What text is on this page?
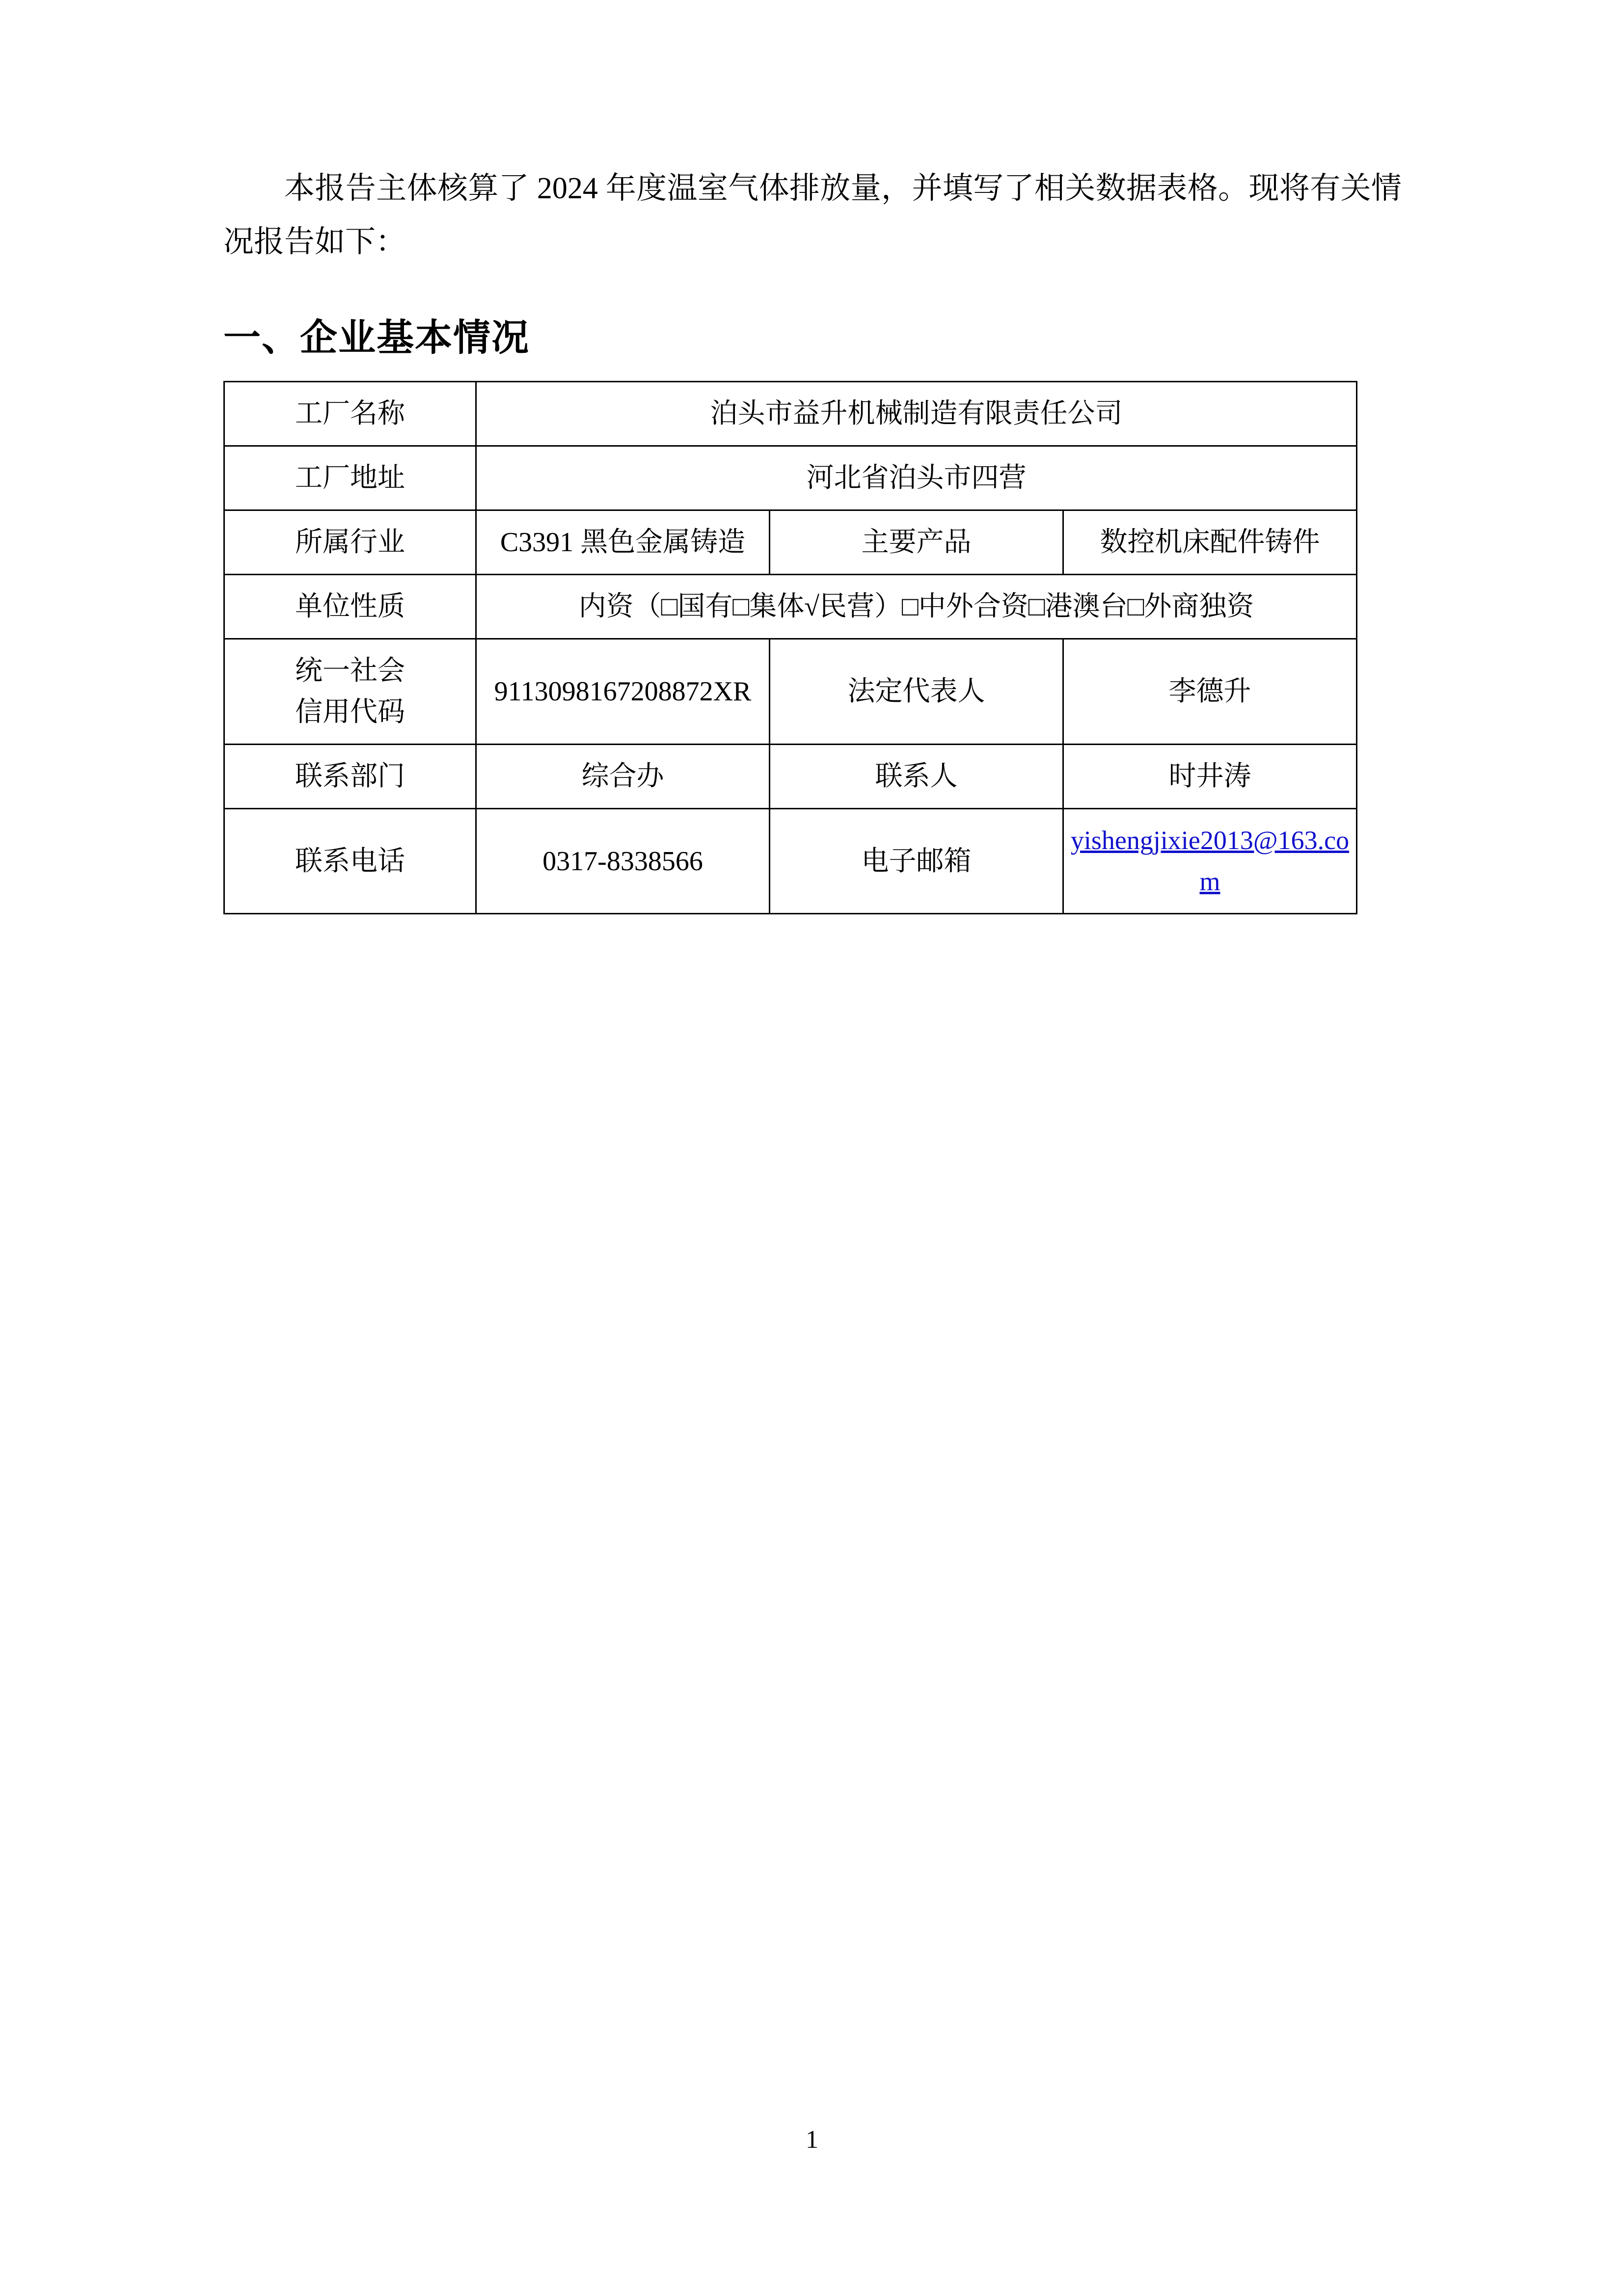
本报告主体核算了 2024 年度温室气体排放量，并填写了相关数据表格。现将有关情况报告如下：

一、企业基本情况
工厂名称	泊头市益升机械制造有限责任公司		
工厂地址	河北省泊头市四营		
所属行业	C3391 黑色金属铸造	主要产品	数控机床配件铸件
单位性质	内资（□国有□集体√民营）□中外合资□港澳台□外商独资		
统一社会
信用代码	9113098167208872XR	法定代表人	李德升
联系部门	综合办	联系人	时井涛
联系电话	0317-8338566	电子邮箱	yishengjixie2013@163.com
1
